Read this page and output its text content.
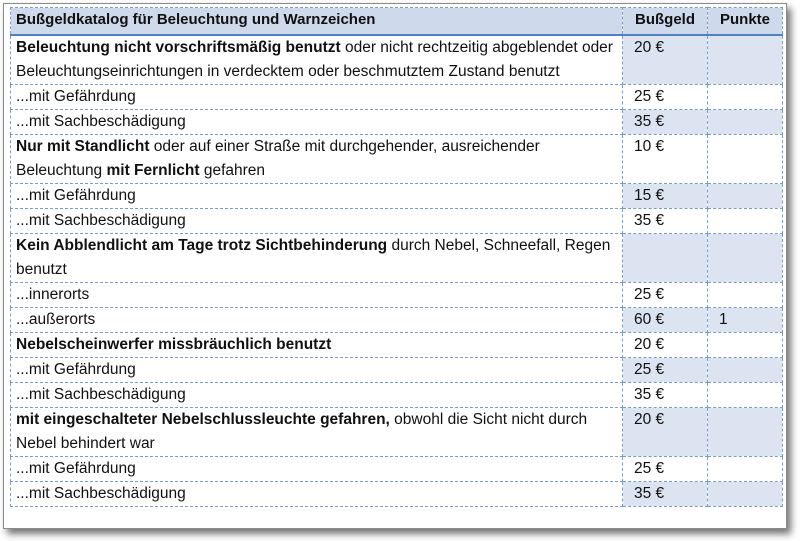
Bußgeldkatalog für Beleuchtung und Warnzeichen	Bußgeld	Punkte
Beleuchtung nicht vorschriftsmäßig benutzt oder nicht rechtzeitig abgeblendet oder Beleuchtungseinrichtungen in verdecktem oder beschmutztem Zustand benutzt	20 €	
...mit Gefährdung	25 €	
...mit Sachbeschädigung	35 €	
Nur mit Standlicht oder auf einer Straße mit durchgehender, ausreichender Beleuchtung mit Fernlicht gefahren	10 €	
...mit Gefährdung	15 €	
...mit Sachbeschädigung	35 €	
Kein Abblendlicht am Tage trotz Sichtbehinderung durch Nebel, Schneefall, Regen benutzt		
...innerorts	25 €	
...außerorts	60 €	1
Nebelscheinwerfer missbräuchlich benutzt	20 €	
...mit Gefährdung	25 €	
...mit Sachbeschädigung	35 €	
mit eingeschalteter Nebelschlussleuchte gefahren, obwohl die Sicht nicht durch Nebel behindert war	20 €	
...mit Gefährdung	25 €	
...mit Sachbeschädigung	35 €	
